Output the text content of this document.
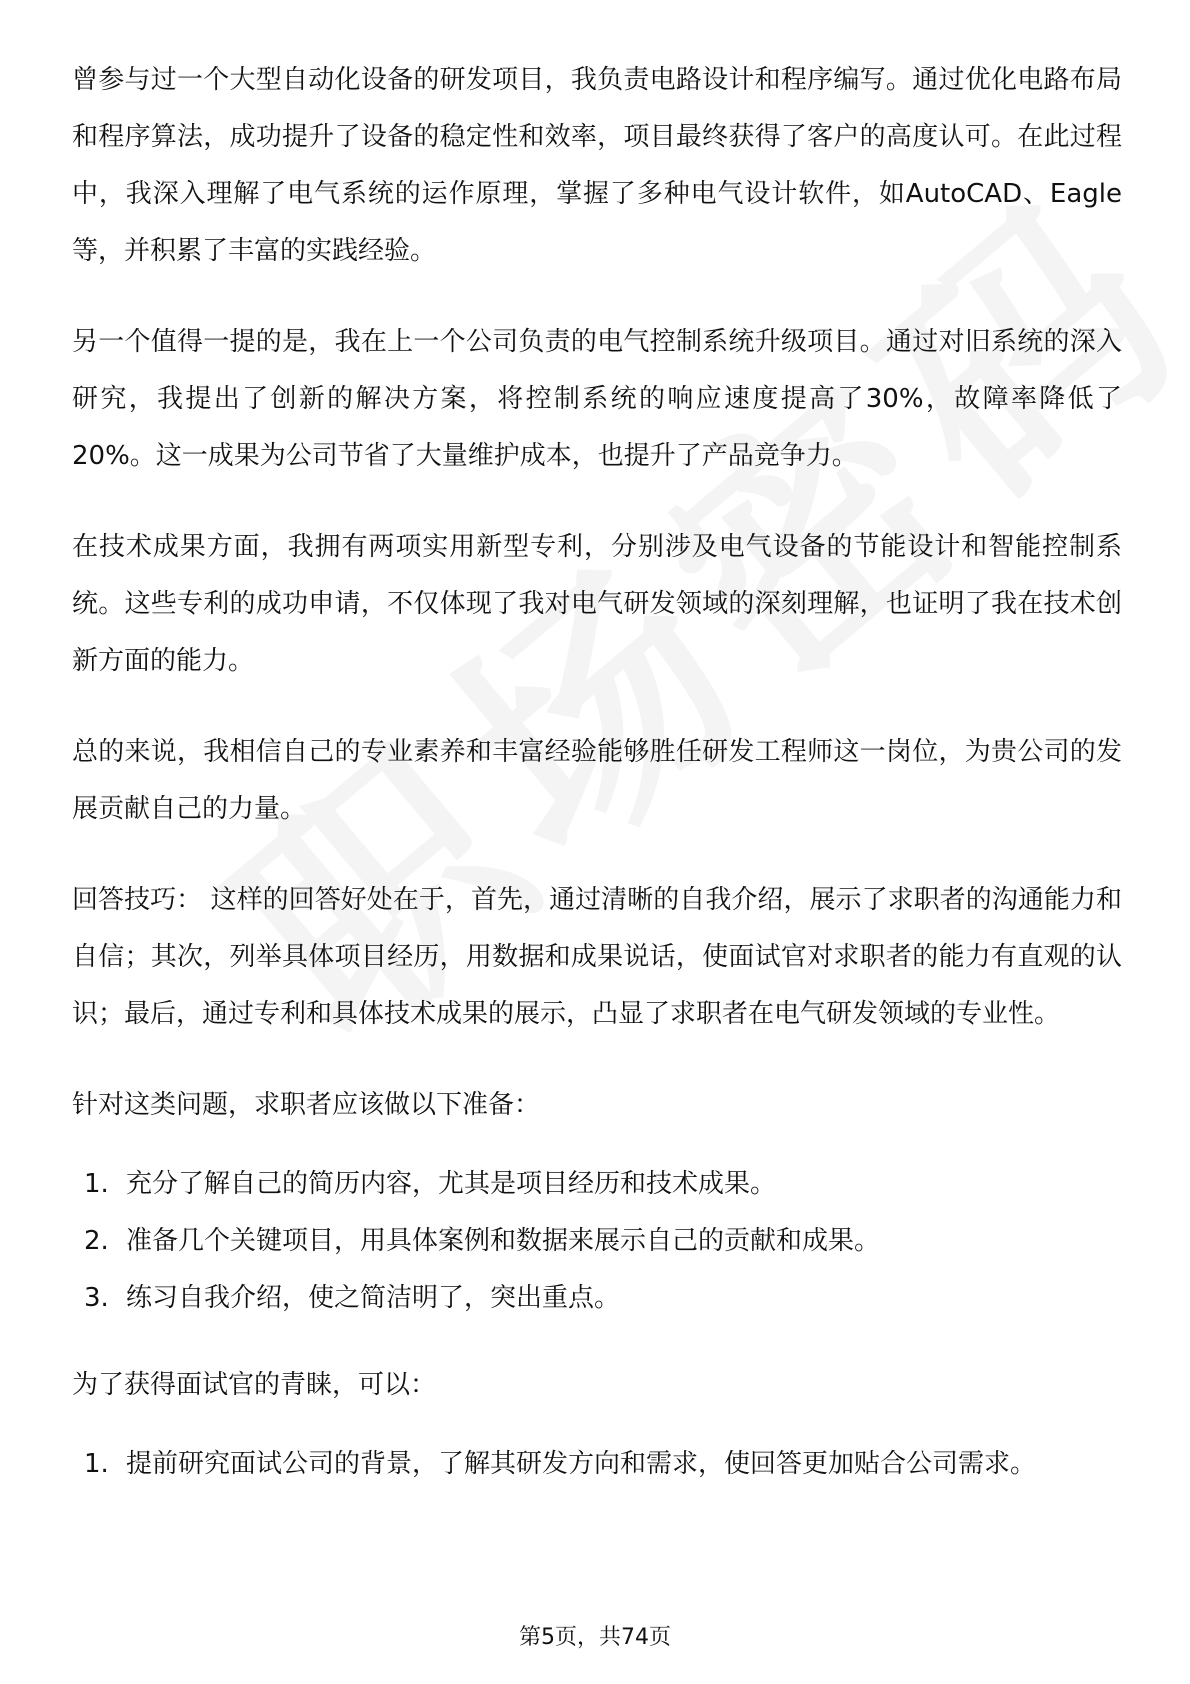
曾参与过一个大型自动化设备的研发项目，我负责电路设计和程序编写。通过优化电路布局和程序算法，成功提升了设备的稳定性和效率，项目最终获得了客户的高度认可。在此过程中，我深入理解了电气系统的运作原理，掌握了多种电气设计软件，如AutoCAD、Eagle等，并积累了丰富的实践经验。

另一个值得一提的是，我在上一个公司负责的电气控制系统升级项目。通过对旧系统的深入研究，我提出了创新的解决方案，将控制系统的响应速度提高了30%，故障率降低了20%。这一成果为公司节省了大量维护成本，也提升了产品竞争力。

在技术成果方面，我拥有两项实用新型专利，分别涉及电气设备的节能设计和智能控制系统。这些专利的成功申请，不仅体现了我对电气研发领域的深刻理解，也证明了我在技术创新方面的能力。

总的来说，我相信自己的专业素养和丰富经验能够胜任研发工程师这一岗位，为贵公司的发展贡献自己的力量。

回答技巧： 这样的回答好处在于，首先，通过清晰的自我介绍，展示了求职者的沟通能力和自信；其次，列举具体项目经历，用数据和成果说话，使面试官对求职者的能力有直观的认识；最后，通过专利和具体技术成果的展示，凸显了求职者在电气研发领域的专业性。

针对这类问题，求职者应该做以下准备：

1. 充分了解自己的简历内容，尤其是项目经历和技术成果。
2. 准备几个关键项目，用具体案例和数据来展示自己的贡献和成果。
3. 练习自我介绍，使之简洁明了，突出重点。

为了获得面试官的青睐，可以：

1. 提前研究面试公司的背景，了解其研发方向和需求，使回答更加贴合公司需求。
第5页，共74页
